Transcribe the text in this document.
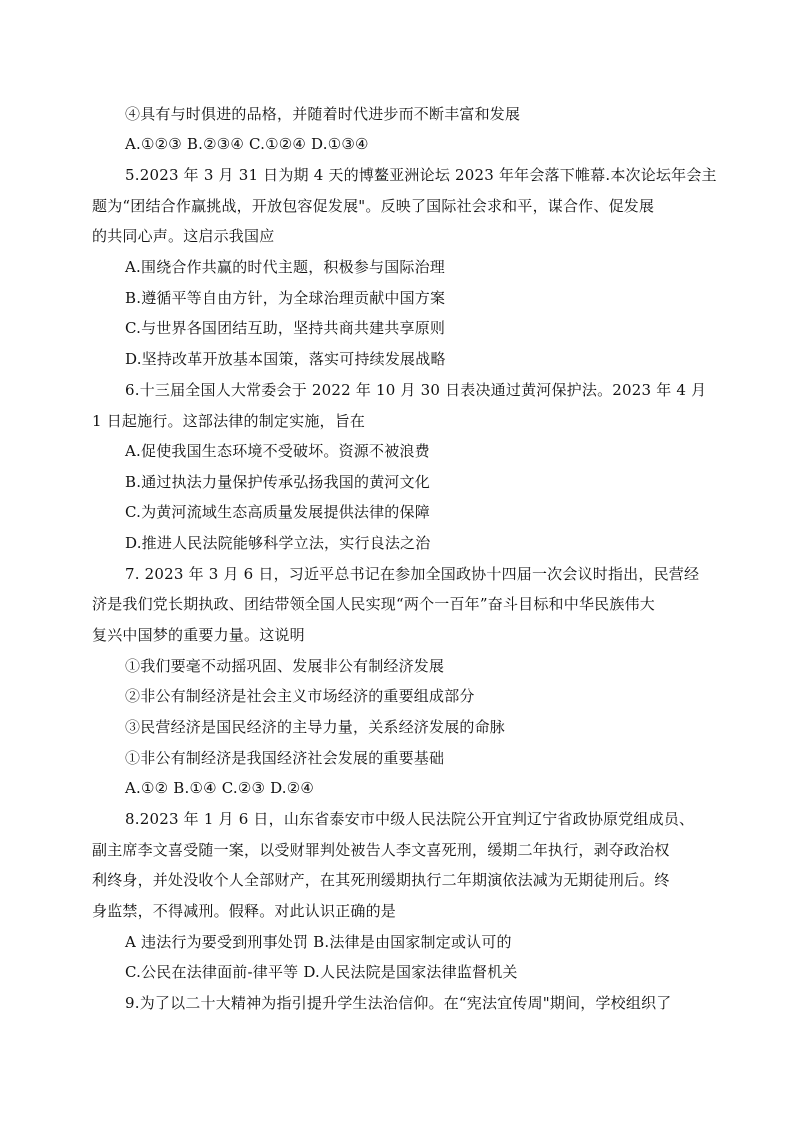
④具有与时俱进的品格，并随着时代进步而不断丰富和发展
A.①②③ B.②③④ C.①②④ D.①③④
5.2023 年 3 月 31 日为期 4 天的博鳌亚洲论坛 2023 年年会落下帷幕.本次论坛年会主
题为“团结合作赢挑战，开放包容促发展"。反映了国际社会求和平，谋合作、促发展
的共同心声。这启示我国应
A.围绕合作共赢的时代主题，积极参与国际治理
B.遵循平等自由方针，为全球治理贡献中国方案
C.与世界各国团结互助，坚持共商共建共享原则
D.坚持改革开放基本国策，落实可持续发展战略
6.十三届全国人大常委会于 2022 年 10 月 30 日表决通过黄河保护法。2023 年 4 月
1 日起施行。这部法律的制定实施，旨在
A.促使我国生态环境不受破坏。资源不被浪费
B.通过执法力量保护传承弘扬我国的黄河文化
C.为黄河流域生态高质量发展提供法律的保障
D.推进人民法院能够科学立法，实行良法之治
7. 2023 年 3 月 6 日，习近平总书记在参加全国政协十四届一次会议时指出，民营经
济是我们党长期执政、团结带领全国人民实现“两个一百年”奋斗目标和中华民族伟大
复兴中国梦的重要力量。这说明
①我们要毫不动摇巩固、发展非公有制经济发展
②非公有制经济是社会主义市场经济的重要组成部分
③民营经济是国民经济的主导力量，关系经济发展的命脉
①非公有制经济是我国经济社会发展的重要基础
A.①② B.①④ C.②③ D.②④
8.2023 年 1 月 6 日，山东省泰安市中级人民法院公开宜判辽宁省政协原党组成员、
副主席李文喜受随一案，以受财罪判处被告人李文喜死刑，缓期二年执行，剥夺政治权
利终身，并处没收个人全部财产，在其死刑缓期执行二年期演依法减为无期徒刑后。终
身监禁，不得减刑。假释。对此认识正确的是
A 违法行为要受到刑事处罚 B.法律是由国家制定或认可的
C.公民在法律面前-律平等 D.人民法院是国家法律监督机关
9.为了以二十大精神为指引提升学生法治信仰。在“宪法宜传周"期间，学校组织了
